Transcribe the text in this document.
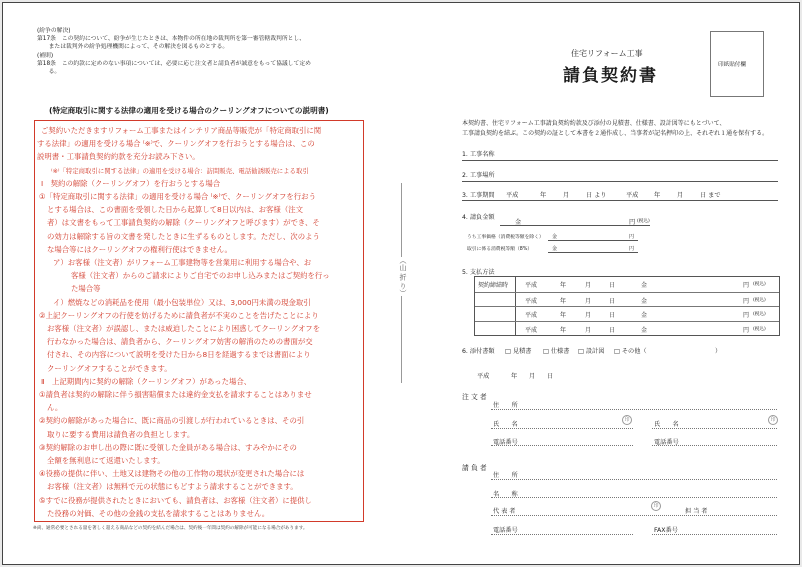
(紛争の解決)
第17条　この契約について、紛争が生じたときは、本物件の所在地の裁判所を第一審管轄裁判所とし、
　　または裁判外の紛争処理機関によって、その解決を図るものとする。
(補則)
第18条　この約款に定めのない事項については、必要に応じ注文者と請負者が誠意をもって協議して定め
　　る。
(特定商取引に関する法律の適用を受ける場合のクーリングオフについての説明書)
ご契約いただきますリフォーム工事またはインテリア商品等販売が「特定商取引に関
する法律」の適用を受ける場合 ⁽※⁾で、クーリングオフを行おうとする場合は、この
説明書・工事請負契約約款を充分お読み下さい。
⁽※⁾「特定商取引に関する法律」の適用を受ける場合：訪問販売、電話勧誘販売による取引
Ⅰ　契約の解除（クーリングオフ）を行おうとする場合
①「特定商取引に関する法律」の適用を受ける場合 ⁽※⁾で、クーリングオフを行おう
とする場合は、この書面を受領した日から起算して8日以内は、お客様（注文
者）は文書をもって工事請負契約の解除（クーリングオフと呼びます）ができ、そ
の効力は解除する旨の文書を発したときに生ずるものとします。ただし、次のよう
な場合等にはクーリングオフの権利行使はできません。
ア）お客様（注文者）がリフォーム工事建物等を営業用に利用する場合や、お
客様（注文者）からのご請求によりご自宅でのお申し込みまたはご契約を行っ
た場合等
イ）燃焼などの消耗品を使用（最小包装単位）又は、3,000円未満の現金取引
②上記クーリングオフの行使を妨げるために請負者が不実のことを告げたことにより
お客様（注文者）が誤認し、または威迫したことにより困惑してクーリングオフを
行わなかった場合は、請負者から、クーリングオフ妨害の解消のための書面が交
付され、その内容について説明を受けた日から8日を経過するまでは書面により
クーリングオフすることができます。
Ⅱ　上記期間内に契約の解除（クーリングオフ）があった場合、
①請負者は契約の解除に伴う損害賠償または違約金支払を請求することはありませ
ん。
②契約の解除があった場合に、既に商品の引渡しが行われているときは、その引
取りに要する費用は請負者の負担とします。
③契約解除のお申し出の際に既に受領した金員がある場合は、すみやかにその
全額を無利息にて返還いたします。
④役務の提供に伴い、土地又は建物その他の工作物の現状が変更された場合には
お客様（注文者）は無料で元の状態にもどすよう請求することができます。
⑤すでに役務が提供されたときにおいても、請負者は、お客様（注文者）に提供し
た役務の対価、その他の金銭の支払を請求することはありません。
※尚、通常必要とされる量を著しく超える商品などの契約を結んだ場合は、契約後一年間は契約の解除が可能になる場合があります。
（山 折 り）
住宅リフォーム工事
請負契約書
印紙貼付欄
本契約書、住宅リフォーム工事請負契約約款及び添付の見積書、仕様書、設計図等にもとづいて、
工事請負契約を結ぶ。この契約の証として本書を２通作成し、当事者が記名押印の上、それぞれ１通を保有する。
1. 工事名称
2. 工事場所
3. 工事期間 平成	年	月	日 より	平成	年	月	日 まで
4. 請負金額
金	円 (税込)
うち工事価格（消費税等額を除く） 金	円
取引に係る消費税等額（8%）	金	円
5. 支払方法
契約締結時	平成	年	月	日	金	円 (税込)
平成	年	月	日	金	円 (税込)
平成	年	月	日	金	円 (税込)
平成	年	月	日	金	円 (税込)
6. 添付書類 □ 見積書 □ 仕様書 □ 設計図 □ その他（	）
平成	年 月 日
注 文 者
住　　所
氏　　名
印
氏　　名
印
電話番号	電話番号
請 負 者
住　　所
名　　称
代 表 者
印
担 当 者
電話番号	FAX番号
